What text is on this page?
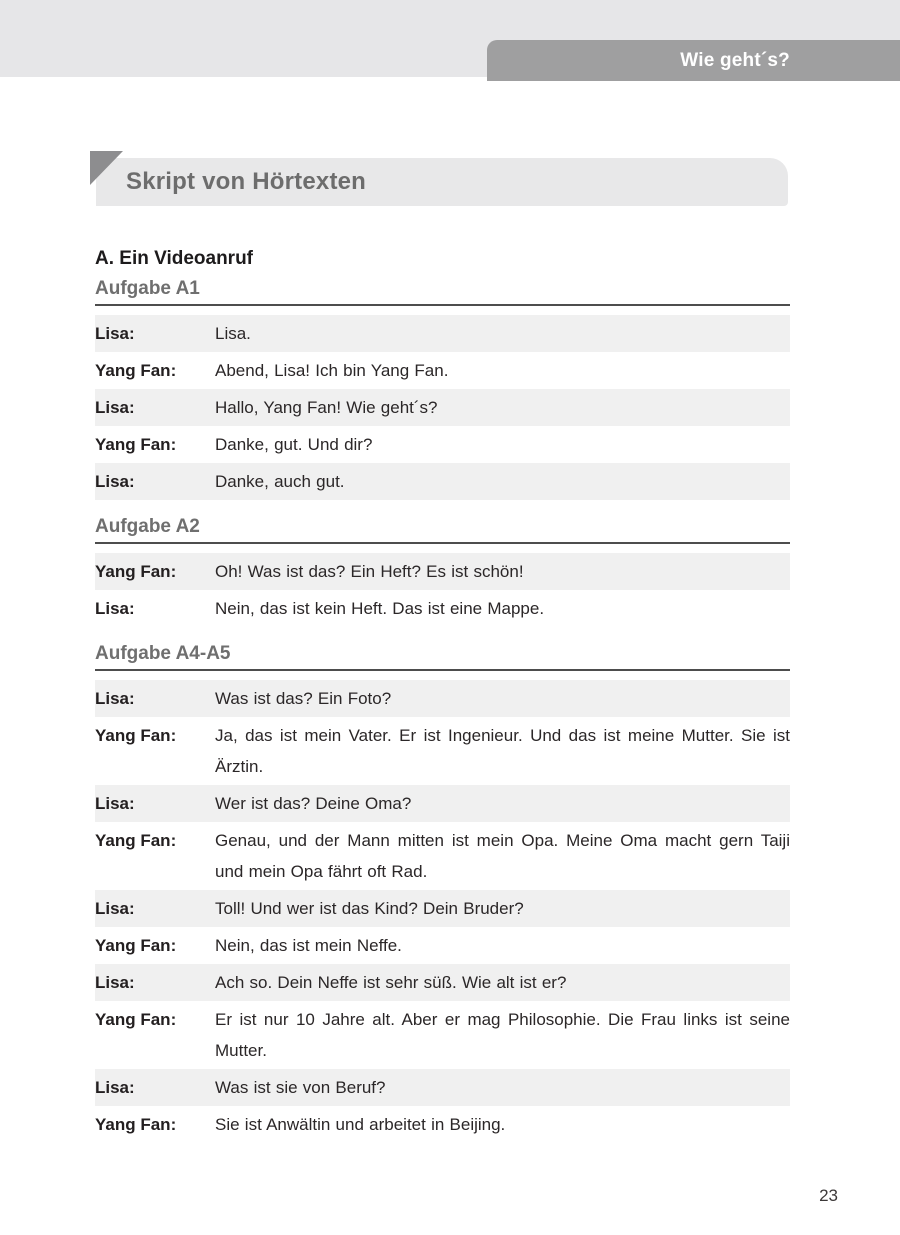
Wie geht´s?
Skript von Hörtexten
A. Ein Videoanruf
Aufgabe A1
Lisa:	Lisa.
Yang Fan:	Abend, Lisa! Ich bin Yang Fan.
Lisa:	Hallo, Yang Fan! Wie geht´s?
Yang Fan:	Danke, gut. Und dir?
Lisa:	Danke, auch gut.
Aufgabe A2
Yang Fan:	Oh! Was ist das? Ein Heft? Es ist schön!
Lisa:	Nein, das ist kein Heft. Das ist eine Mappe.
Aufgabe A4-A5
Lisa:	Was ist das? Ein Foto?
Yang Fan:	Ja, das ist mein Vater. Er ist Ingenieur. Und das ist meine Mutter. Sie ist Ärztin.
Lisa:	Wer ist das? Deine Oma?
Yang Fan:	Genau, und der Mann mitten ist mein Opa. Meine Oma macht gern Taiji und mein Opa fährt oft Rad.
Lisa:	Toll! Und wer ist das Kind? Dein Bruder?
Yang Fan:	Nein, das ist mein Neffe.
Lisa:	Ach so. Dein Neffe ist sehr süß. Wie alt ist er?
Yang Fan:	Er ist nur 10 Jahre alt. Aber er mag Philosophie. Die Frau links ist seine Mutter.
Lisa:	Was ist sie von Beruf?
Yang Fan:	Sie ist Anwältin und arbeitet in Beijing.
23
